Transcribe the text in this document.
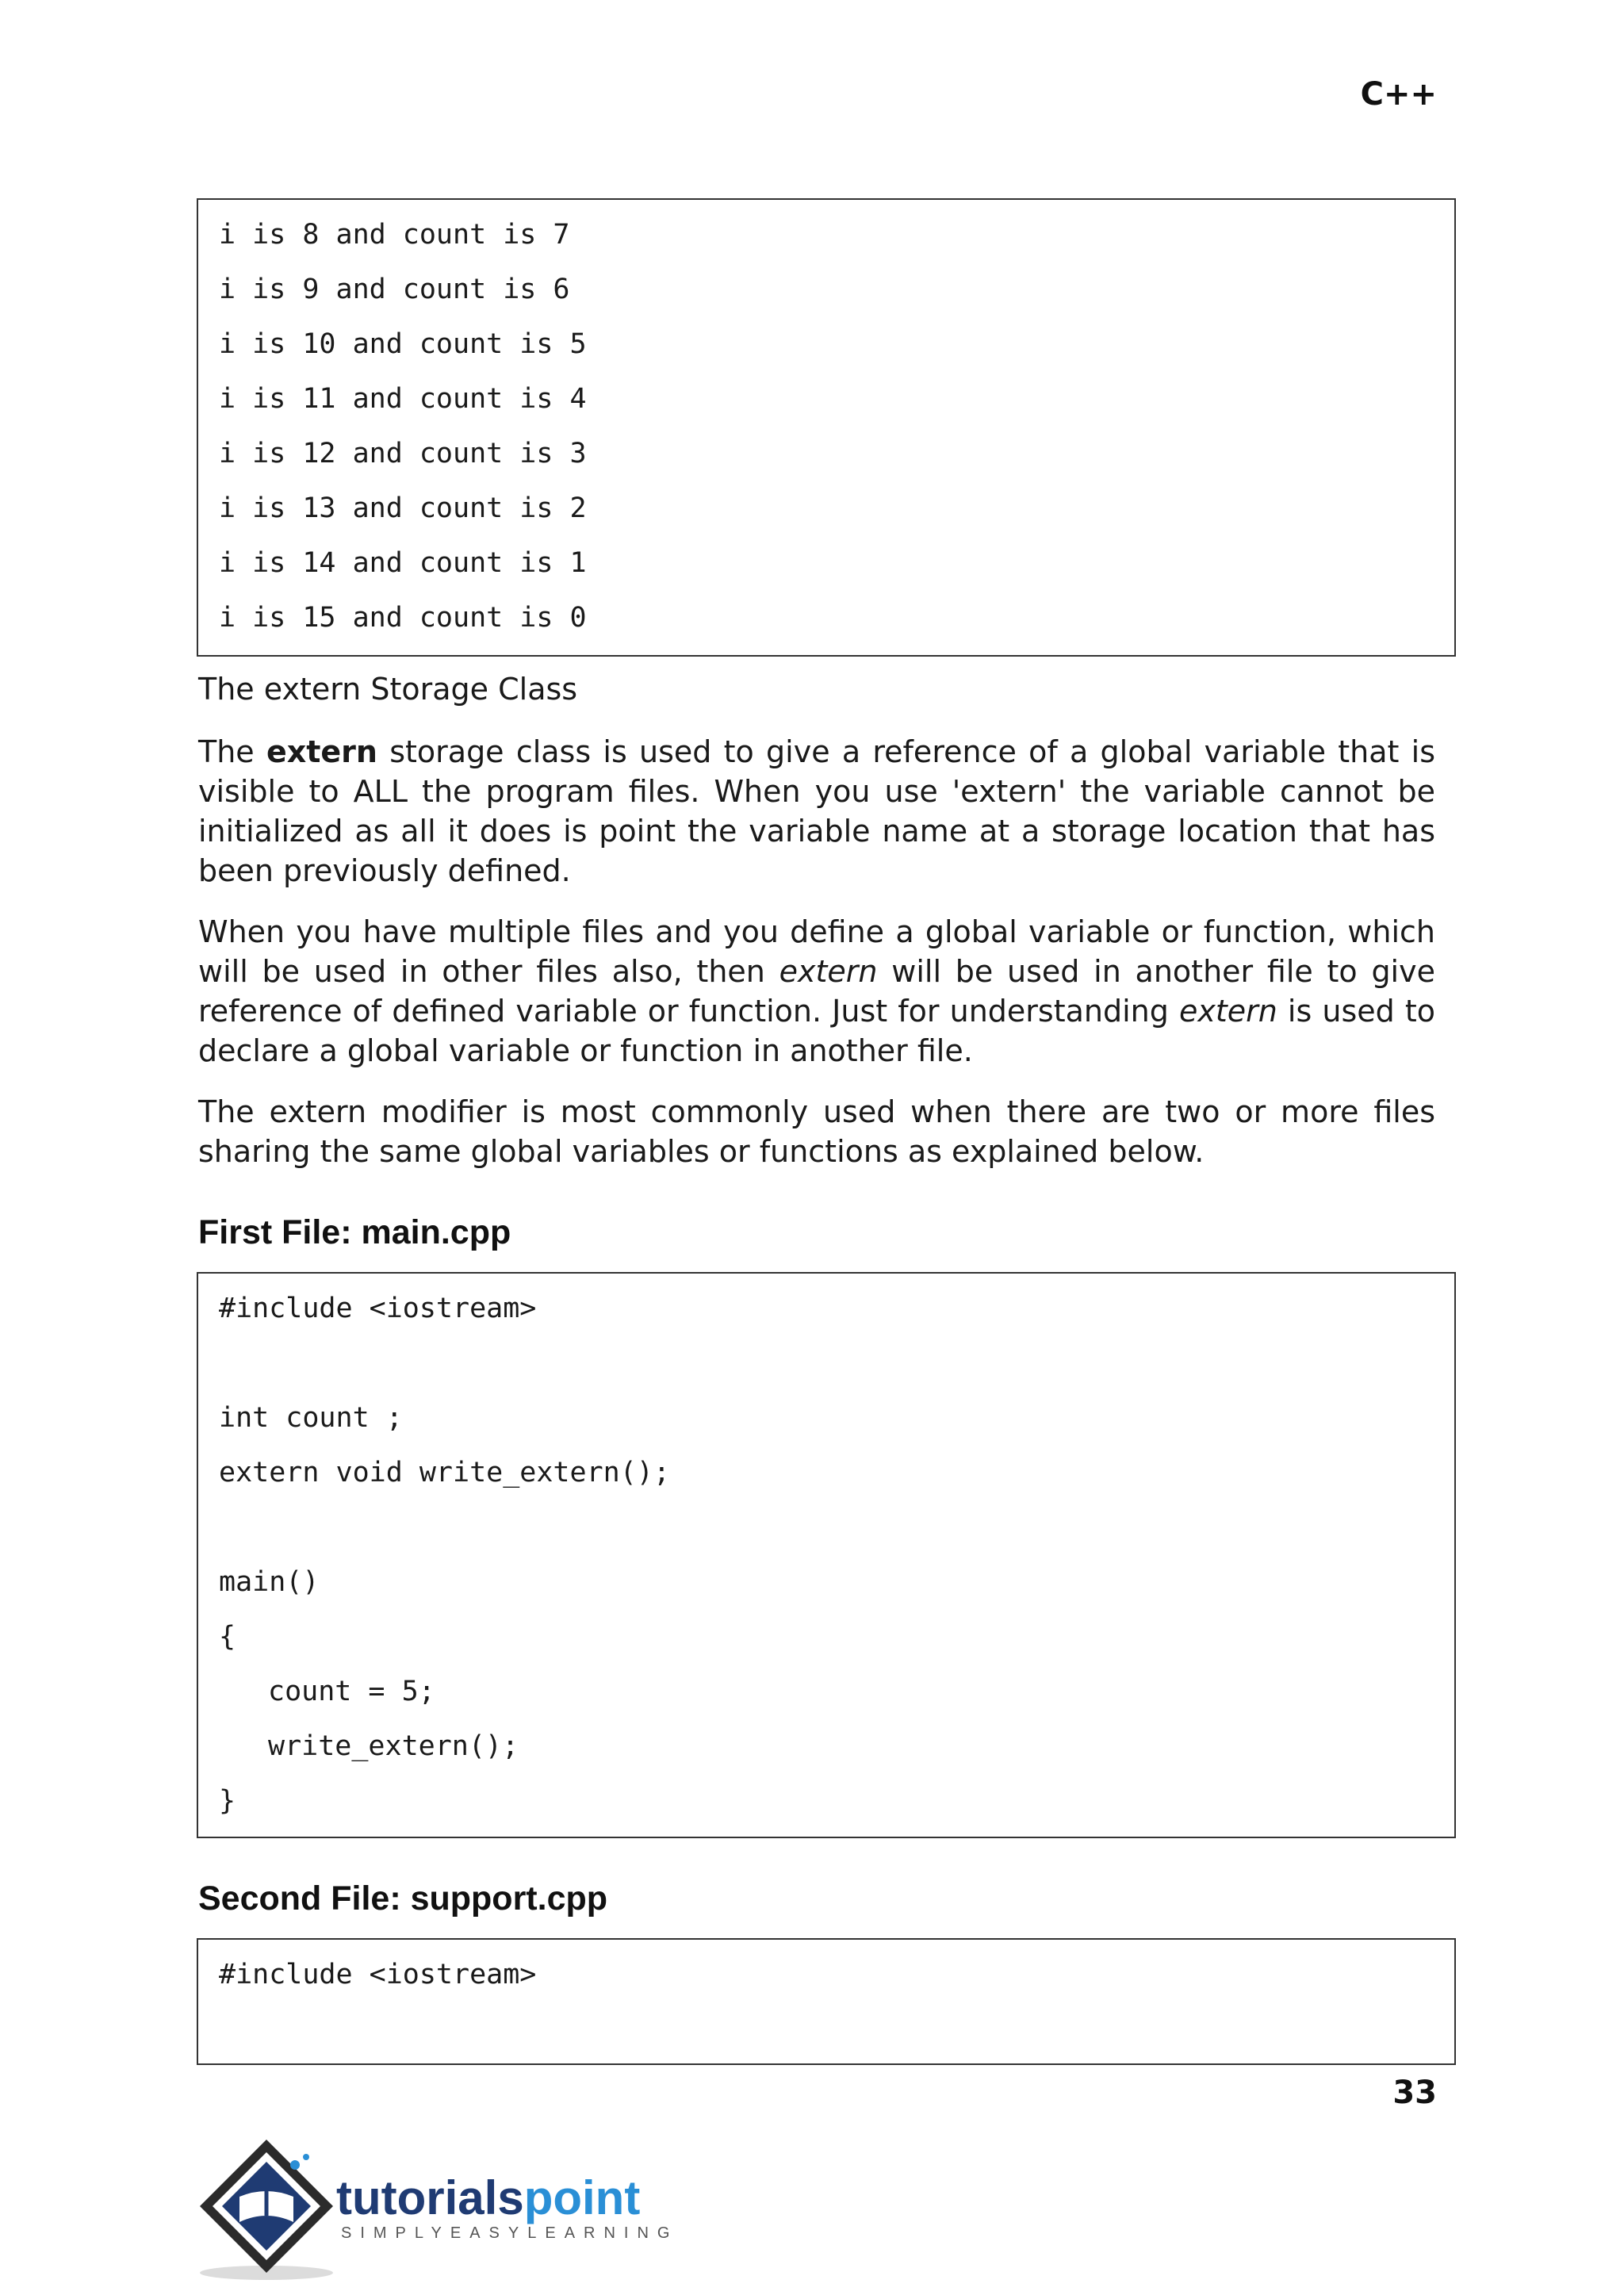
C++
i is 8 and count is 7
i is 9 and count is 6
i is 10 and count is 5
i is 11 and count is 4
i is 12 and count is 3
i is 13 and count is 2
i is 14 and count is 1
i is 15 and count is 0
The extern Storage Class

The extern storage class is used to give a reference of a global variable that is visible to ALL the program files. When you use 'extern' the variable cannot be initialized as all it does is point the variable name at a storage location that has been previously defined.

When you have multiple files and you define a global variable or function, which will be used in other files also, then extern will be used in another file to give reference of defined variable or function. Just for understanding extern is used to declare a global variable or function in another file.

The extern modifier is most commonly used when there are two or more files sharing the same global variables or functions as explained below.

First File: main.cpp
#include <iostream>
int count ;
extern void write_extern();
main()
{
count = 5;
write_extern();
}
Second File: support.cpp
#include <iostream>
33
tutorialspoint
SIMPLYEASYLEARNING
